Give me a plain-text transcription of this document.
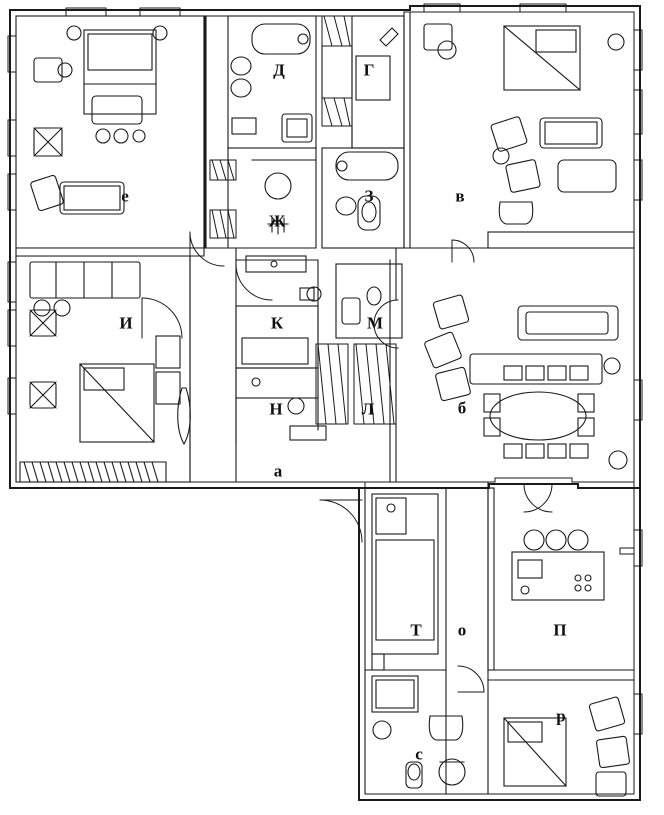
а
б
в
Д
е
Ж
З
И	К
Л
М
Н
о	П
р
с
Т
Г
